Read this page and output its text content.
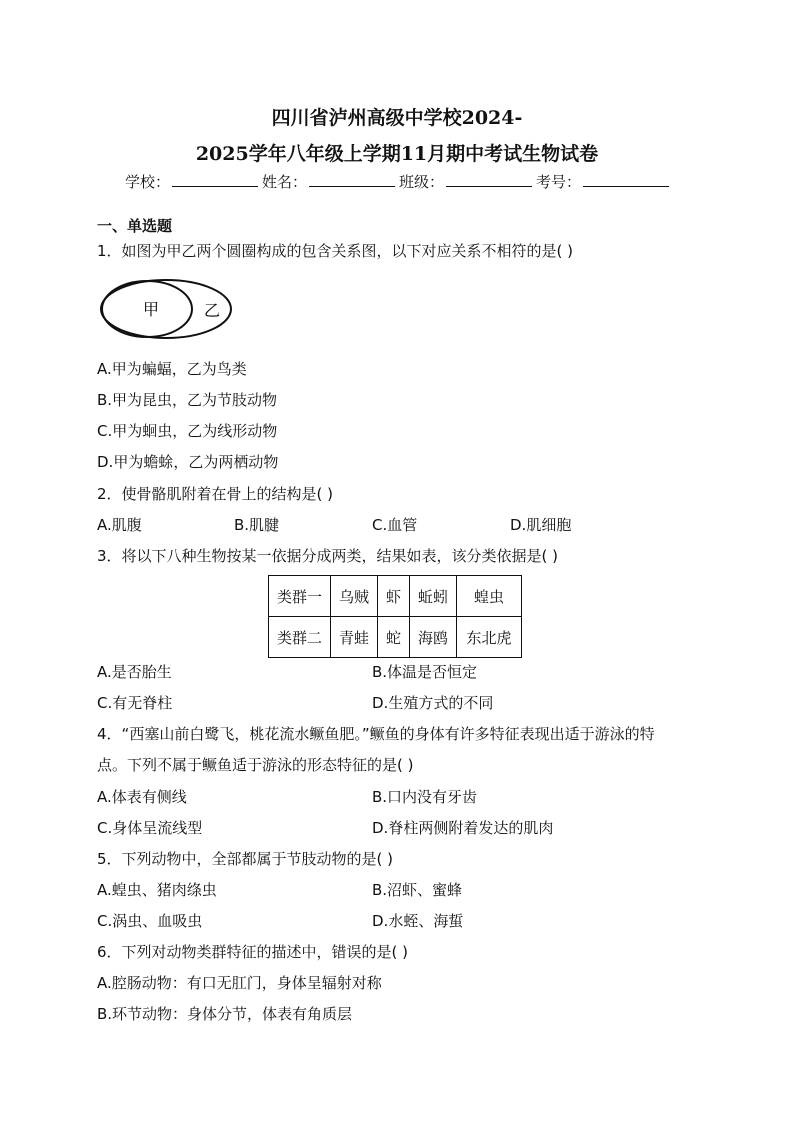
四川省泸州高级中学校2024-
2025学年八年级上学期11月期中考试生物试卷
学校：	姓名：	班级：	考号：
一、单选题
1．如图为甲乙两个圆圈构成的包含关系图，以下对应关系不相符的是( )
甲	乙
A.甲为蝙蝠，乙为鸟类
B.甲为昆虫，乙为节肢动物
C.甲为蛔虫，乙为线形动物
D.甲为蟾蜍，乙为两栖动物
2．使骨骼肌附着在骨上的结构是( )
A.肌腹	B.肌腱	C.血管	D.肌细胞
3．将以下八种生物按某一依据分成两类，结果如表，该分类依据是( )
类群一	乌贼	虾	蚯蚓	蝗虫
类群二	青蛙	蛇	海鸥	东北虎
A.是否胎生	B.体温是否恒定
C.有无脊柱	D.生殖方式的不同
4．“西塞山前白鹭飞，桃花流水鳜鱼肥。”鳜鱼的身体有许多特征表现出适于游泳的特
点。下列不属于鳜鱼适于游泳的形态特征的是( )
A.体表有侧线	B.口内没有牙齿
C.身体呈流线型	D.脊柱两侧附着发达的肌肉
5．下列动物中，全部都属于节肢动物的是( )
A.蝗虫、猪肉绦虫	B.沼虾、蜜蜂
C.涡虫、血吸虫	D.水蛭、海蜇
6．下列对动物类群特征的描述中，错误的是( )
A.腔肠动物：有口无肛门，身体呈辐射对称
B.环节动物：身体分节，体表有角质层
